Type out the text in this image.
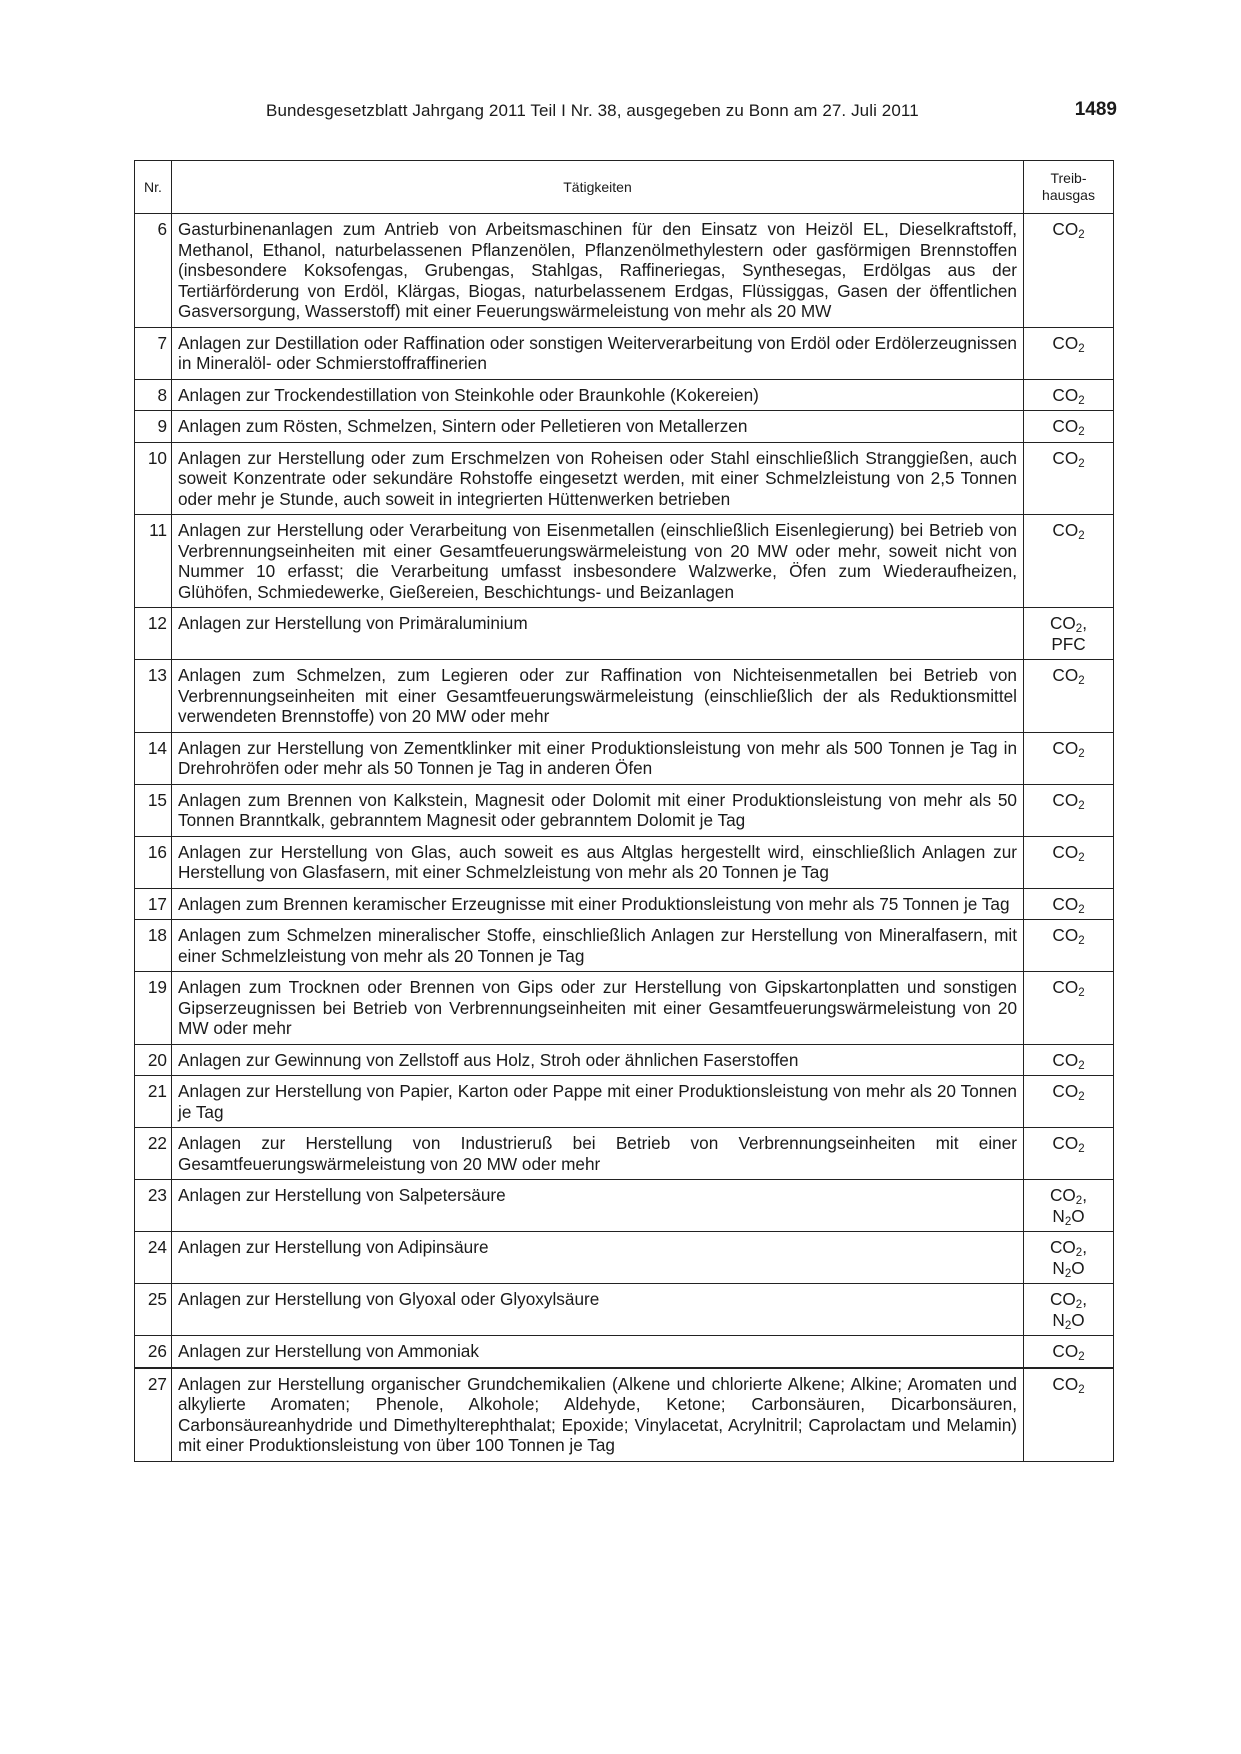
Bundesgesetzblatt Jahrgang 2011 Teil I Nr. 38, ausgegeben zu Bonn am 27. Juli 2011	1489
Nr.	Tätigkeiten	Treib-
hausgas
6	Gasturbinenanlagen zum Antrieb von Arbeitsmaschinen für den Einsatz von Heizöl EL, Dieselkraftstoff, Methanol, Ethanol, naturbelassenen Pflanzenölen, Pflanzenölmethylestern oder gasförmigen Brennstoffen (insbesondere Koksofengas, Grubengas, Stahlgas, Raffineriegas, Synthesegas, Erdölgas aus der Tertiärförderung von Erdöl, Klärgas, Biogas, naturbelassenem Erdgas, Flüssiggas, Gasen der öffentlichen Gasversorgung, Wasserstoff) mit einer Feuerungswärmeleistung von mehr als 20 MW	$CO_2$
7	Anlagen zur Destillation oder Raffination oder sonstigen Weiterverarbeitung von Erdöl oder Erdölerzeugnissen in Mineralöl- oder Schmierstoffraffinerien	$CO_2$
8	Anlagen zur Trockendestillation von Steinkohle oder Braunkohle (Kokereien)	$CO_2$
9	Anlagen zum Rösten, Schmelzen, Sintern oder Pelletieren von Metallerzen	$CO_2$
10	Anlagen zur Herstellung oder zum Erschmelzen von Roheisen oder Stahl einschließlich Stranggießen, auch soweit Konzentrate oder sekundäre Rohstoffe eingesetzt werden, mit einer Schmelzleistung von 2,5 Tonnen oder mehr je Stunde, auch soweit in integrierten Hüttenwerken betrieben	$CO_2$
11	Anlagen zur Herstellung oder Verarbeitung von Eisenmetallen (einschließlich Eisenlegierung) bei Betrieb von Verbrennungseinheiten mit einer Gesamtfeuerungswärmeleistung von 20 MW oder mehr, soweit nicht von Nummer 10 erfasst; die Verarbeitung umfasst insbesondere Walzwerke, Öfen zum Wiederaufheizen, Glühöfen, Schmiedewerke, Gießereien, Beschichtungs- und Beizanlagen	$CO_2$
12	Anlagen zur Herstellung von Primäraluminium	$CO_2$,
PFC
13	Anlagen zum Schmelzen, zum Legieren oder zur Raffination von Nichteisenmetallen bei Betrieb von Verbrennungseinheiten mit einer Gesamtfeuerungswärmeleistung (einschließlich der als Reduktionsmittel verwendeten Brennstoffe) von 20 MW oder mehr	$CO_2$
14	Anlagen zur Herstellung von Zementklinker mit einer Produktionsleistung von mehr als 500 Tonnen je Tag in Drehrohröfen oder mehr als 50 Tonnen je Tag in anderen Öfen	$CO_2$
15	Anlagen zum Brennen von Kalkstein, Magnesit oder Dolomit mit einer Produktionsleistung von mehr als 50 Tonnen Branntkalk, gebranntem Magnesit oder gebranntem Dolomit je Tag	$CO_2$
16	Anlagen zur Herstellung von Glas, auch soweit es aus Altglas hergestellt wird, einschließlich Anlagen zur Herstellung von Glasfasern, mit einer Schmelzleistung von mehr als 20 Tonnen je Tag	$CO_2$
17	Anlagen zum Brennen keramischer Erzeugnisse mit einer Produktionsleistung von mehr als 75 Tonnen je Tag	$CO_2$
18	Anlagen zum Schmelzen mineralischer Stoffe, einschließlich Anlagen zur Herstellung von Mineralfasern, mit einer Schmelzleistung von mehr als 20 Tonnen je Tag	$CO_2$
19	Anlagen zum Trocknen oder Brennen von Gips oder zur Herstellung von Gipskartonplatten und sonstigen Gipserzeugnissen bei Betrieb von Verbrennungseinheiten mit einer Gesamtfeuerungswärmeleistung von 20 MW oder mehr	$CO_2$
20	Anlagen zur Gewinnung von Zellstoff aus Holz, Stroh oder ähnlichen Faserstoffen	$CO_2$
21	Anlagen zur Herstellung von Papier, Karton oder Pappe mit einer Produktionsleistung von mehr als 20 Tonnen je Tag	$CO_2$
22	Anlagen zur Herstellung von Industrieruß bei Betrieb von Verbrennungseinheiten mit einer Gesamtfeuerungswärmeleistung von 20 MW oder mehr	$CO_2$
23	Anlagen zur Herstellung von Salpetersäure	$CO_2$,
$N_2O$
24	Anlagen zur Herstellung von Adipinsäure	$CO_2$,
$N_2O$
25	Anlagen zur Herstellung von Glyoxal oder Glyoxylsäure	$CO_2$,
$N_2O$
26	Anlagen zur Herstellung von Ammoniak	$CO_2$
27	Anlagen zur Herstellung organischer Grundchemikalien (Alkene und chlorierte Alkene; Alkine; Aromaten und alkylierte Aromaten; Phenole, Alkohole; Aldehyde, Ketone; Carbonsäuren, Dicarbonsäuren, Carbonsäureanhydride und Dimethylterephthalat; Epoxide; Vinylacetat, Acrylnitril; Caprolactam und Melamin) mit einer Produktionsleistung von über 100 Tonnen je Tag	$CO_2$
